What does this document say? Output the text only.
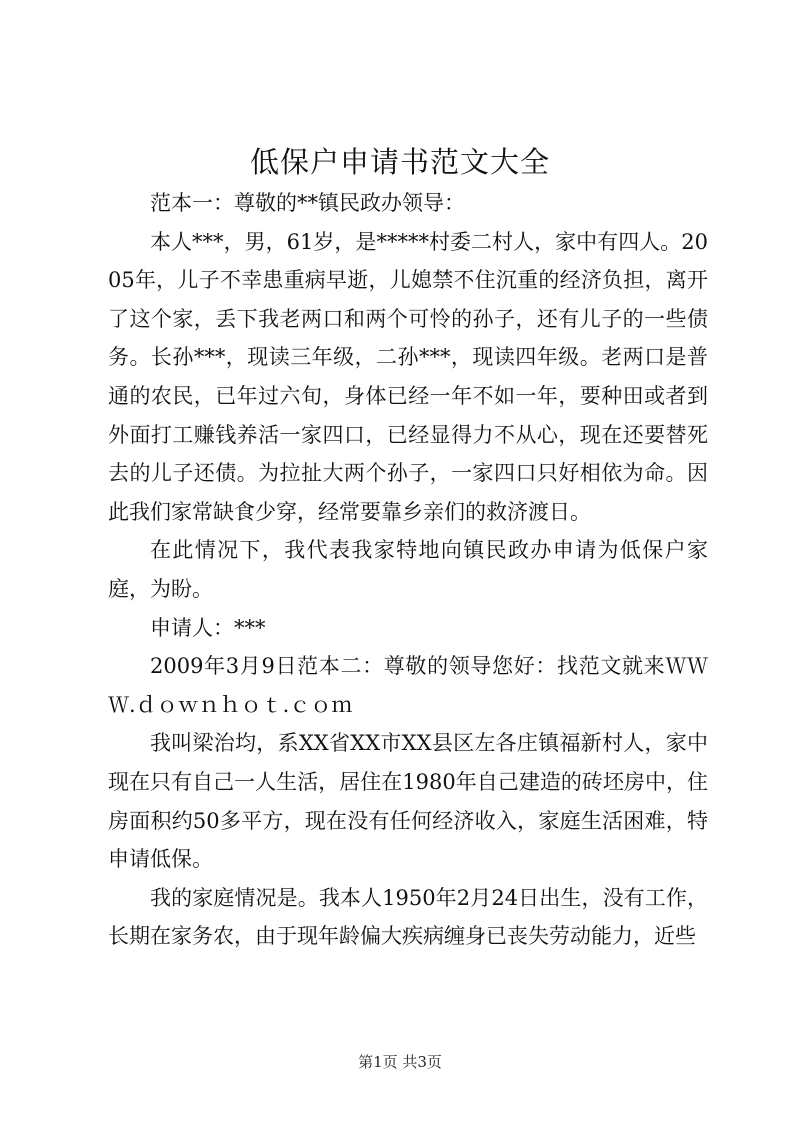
低保户申请书范文大全

范本一：尊敬的**镇民政办领导：

本人***，男，61岁，是*****村委二村人，家中有四人。2005年，儿子不幸患重病早逝，儿媳禁不住沉重的经济负担，离开了这个家，丢下我老两口和两个可怜的孙子，还有儿子的一些债务。长孙***，现读三年级，二孙***，现读四年级。老两口是普通的农民，已年过六旬，身体已经一年不如一年，要种田或者到外面打工赚钱养活一家四口，已经显得力不从心，现在还要替死去的儿子还债。为拉扯大两个孙子，一家四口只好相依为命。因此我们家常缺食少穿，经常要靠乡亲们的救济渡日。

在此情况下，我代表我家特地向镇民政办申请为低保户家庭，为盼。

申请人：***

2009年3月9日范本二：尊敬的领导您好：找范文就来ＷＷＷ.ｄｏｗｎｈｏｔ.ｃｏｍ

我叫梁治均，系XX省XX市XX县区左各庄镇福新村人，家中现在只有自己一人生活，居住在1980年自己建造的砖坯房中，住房面积约50多平方，现在没有任何经济收入，家庭生活困难，特申请低保。

我的家庭情况是。我本人1950年2月24日出生，没有工作，长期在家务农，由于现年龄偏大疾病缠身已丧失劳动能力，近些

第1页 共3页
